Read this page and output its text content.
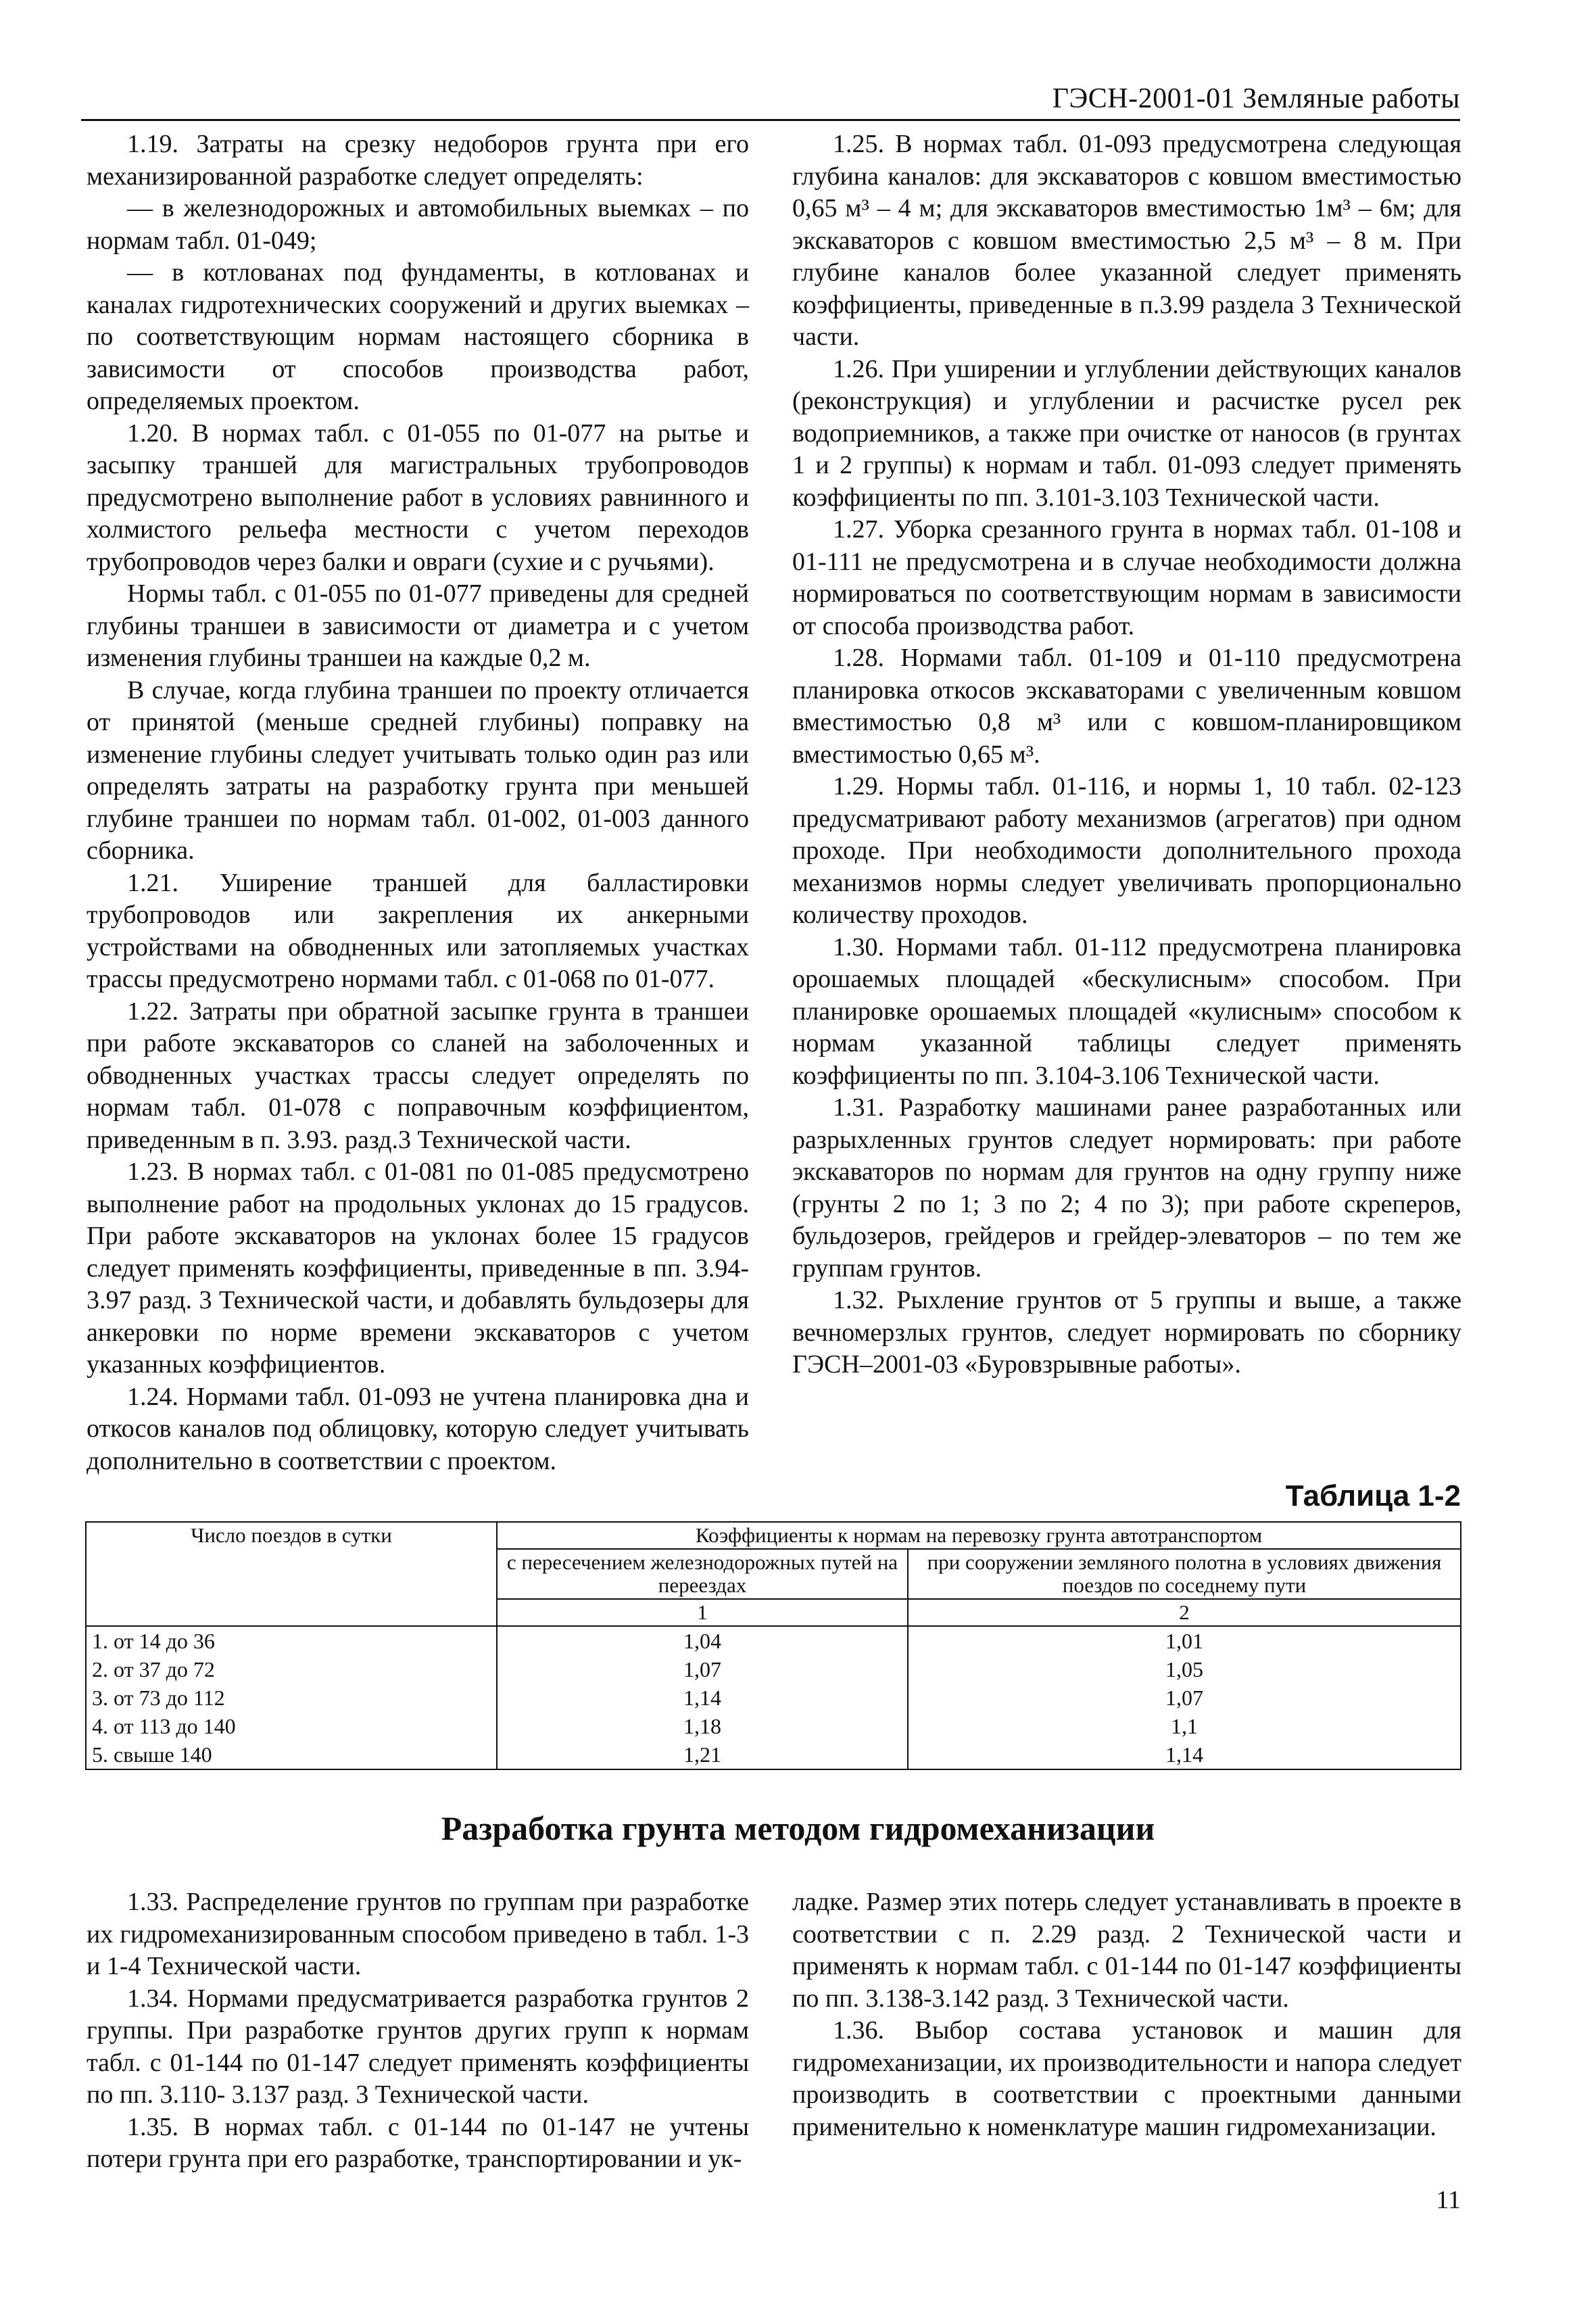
ГЭСН-2001-01 Земляные работы

1.19. Затраты на срезку недоборов грунта при его механизированной разработке следует определять:

— в железнодорожных и автомобильных выемках – по нормам табл. 01-049;

— в котлованах под фундаменты, в котлованах и каналах гидротехнических сооружений и других выемках – по соответствующим нормам настоящего сборника в зависимости от способов производства работ, определяемых проектом.

1.20. В нормах табл. с 01-055 по 01-077 на рытье и засыпку траншей для магистральных трубопроводов предусмотрено выполнение работ в условиях равнинного и холмистого рельефа местности с учетом переходов трубопроводов через балки и овраги (сухие и с ручьями).

Нормы табл. с 01-055 по 01-077 приведены для средней глубины траншеи в зависимости от диаметра и с учетом изменения глубины траншеи на каждые 0,2 м.

В случае, когда глубина траншеи по проекту отличается от принятой (меньше средней глубины) поправку на изменение глубины следует учитывать только один раз или определять затраты на разработку грунта при меньшей глубине траншеи по нормам табл. 01-002, 01-003 данного сборника.

1.21. Уширение траншей для балластировки трубопроводов или закрепления их анкерными устройствами на обводненных или затопляемых участках трассы предусмотрено нормами табл. с 01-068 по 01-077.

1.22. Затраты при обратной засыпке грунта в траншеи при работе экскаваторов со сланей на заболоченных и обводненных участках трассы следует определять по нормам табл. 01-078 с поправочным коэффициентом, приведенным в п. 3.93. разд.3 Технической части.

1.23. В нормах табл. с 01-081 по 01-085 предусмотрено выполнение работ на продольных уклонах до 15 градусов. При работе экскаваторов на уклонах более 15 градусов следует применять коэффициенты, приведенные в пп. 3.94-3.97 разд. 3 Технической части, и добавлять бульдозеры для анкеровки по норме времени экскаваторов с учетом указанных коэффициентов.

1.24. Нормами табл. 01-093 не учтена планировка дна и откосов каналов под облицовку, которую следует учитывать дополнительно в соответствии с проектом.

1.25. В нормах табл. 01-093 предусмотрена следующая глубина каналов: для экскаваторов с ковшом вместимостью 0,65 м³ – 4 м; для экскаваторов вместимостью 1м³ – 6м; для экскаваторов с ковшом вместимостью 2,5 м³ – 8 м. При глубине каналов более указанной следует применять коэффициенты, приведенные в п.3.99 раздела 3 Технической части.

1.26. При уширении и углублении действующих каналов (реконструкция) и углублении и расчистке русел рек водоприемников, а также при очистке от наносов (в грунтах 1 и 2 группы) к нормам и табл. 01-093 следует применять коэффициенты по пп. 3.101-3.103 Технической части.

1.27. Уборка срезанного грунта в нормах табл. 01-108 и 01-111 не предусмотрена и в случае необходимости должна нормироваться по соответствующим нормам в зависимости от способа производства работ.

1.28. Нормами табл. 01-109 и 01-110 предусмотрена планировка откосов экскаваторами с увеличенным ковшом вместимостью 0,8 м³ или с ковшом-планировщиком вместимостью 0,65 м³.

1.29. Нормы табл. 01-116, и нормы 1, 10 табл. 02-123 предусматривают работу механизмов (агрегатов) при одном проходе. При необходимости дополнительного прохода механизмов нормы следует увеличивать пропорционально количеству проходов.

1.30. Нормами табл. 01-112 предусмотрена планировка орошаемых площадей «бескулисным» способом. При планировке орошаемых площадей «кулисным» способом к нормам указанной таблицы следует применять коэффициенты по пп. 3.104-3.106 Технической части.

1.31. Разработку машинами ранее разработанных или разрыхленных грунтов следует нормировать: при работе экскаваторов по нормам для грунтов на одну группу ниже (грунты 2 по 1; 3 по 2; 4 по 3); при работе скреперов, бульдозеров, грейдеров и грейдер-элеваторов – по тем же группам грунтов.

1.32. Рыхление грунтов от 5 группы и выше, а также вечномерзлых грунтов, следует нормировать по сборнику ГЭСН–2001-03 «Буровзрывные работы».

Таблица 1-2
Число поездов в сутки	Коэффициенты к нормам на перевозку грунта автотранспортом	
	с пересечением железнодорожных путей на переездах	при сооружении земляного полотна в условиях движения поездов по соседнему пути
	1	2
1. от 14 до 36	1,04	1,01
2. от 37 до 72	1,07	1,05
3. от 73 до 112	1,14	1,07
4. от 113 до 140	1,18	1,1
5. свыше 140	1,21	1,14
Разработка грунта методом гидромеханизации

1.33. Распределение грунтов по группам при разработке их гидромеханизированным способом приведено в табл. 1-3 и 1-4 Технической части.

1.34. Нормами предусматривается разработка грунтов 2 группы. При разработке грунтов других групп к нормам табл. с 01-144 по 01-147 следует применять коэффициенты по пп. 3.110- 3.137 разд. 3 Технической части.

1.35. В нормах табл. с 01-144 по 01-147 не учтены потери грунта при его разработке, транспортировании и ук-

ладке. Размер этих потерь следует устанавливать в проекте в соответствии с п. 2.29 разд. 2 Технической части и применять к нормам табл. с 01-144 по 01-147 коэффициенты по пп. 3.138-3.142 разд. 3 Технической части.

1.36. Выбор состава установок и машин для гидромеханизации, их производительности и напора следует производить в соответствии с проектными данными применительно к номенклатуре машин гидромеханизации.

11
